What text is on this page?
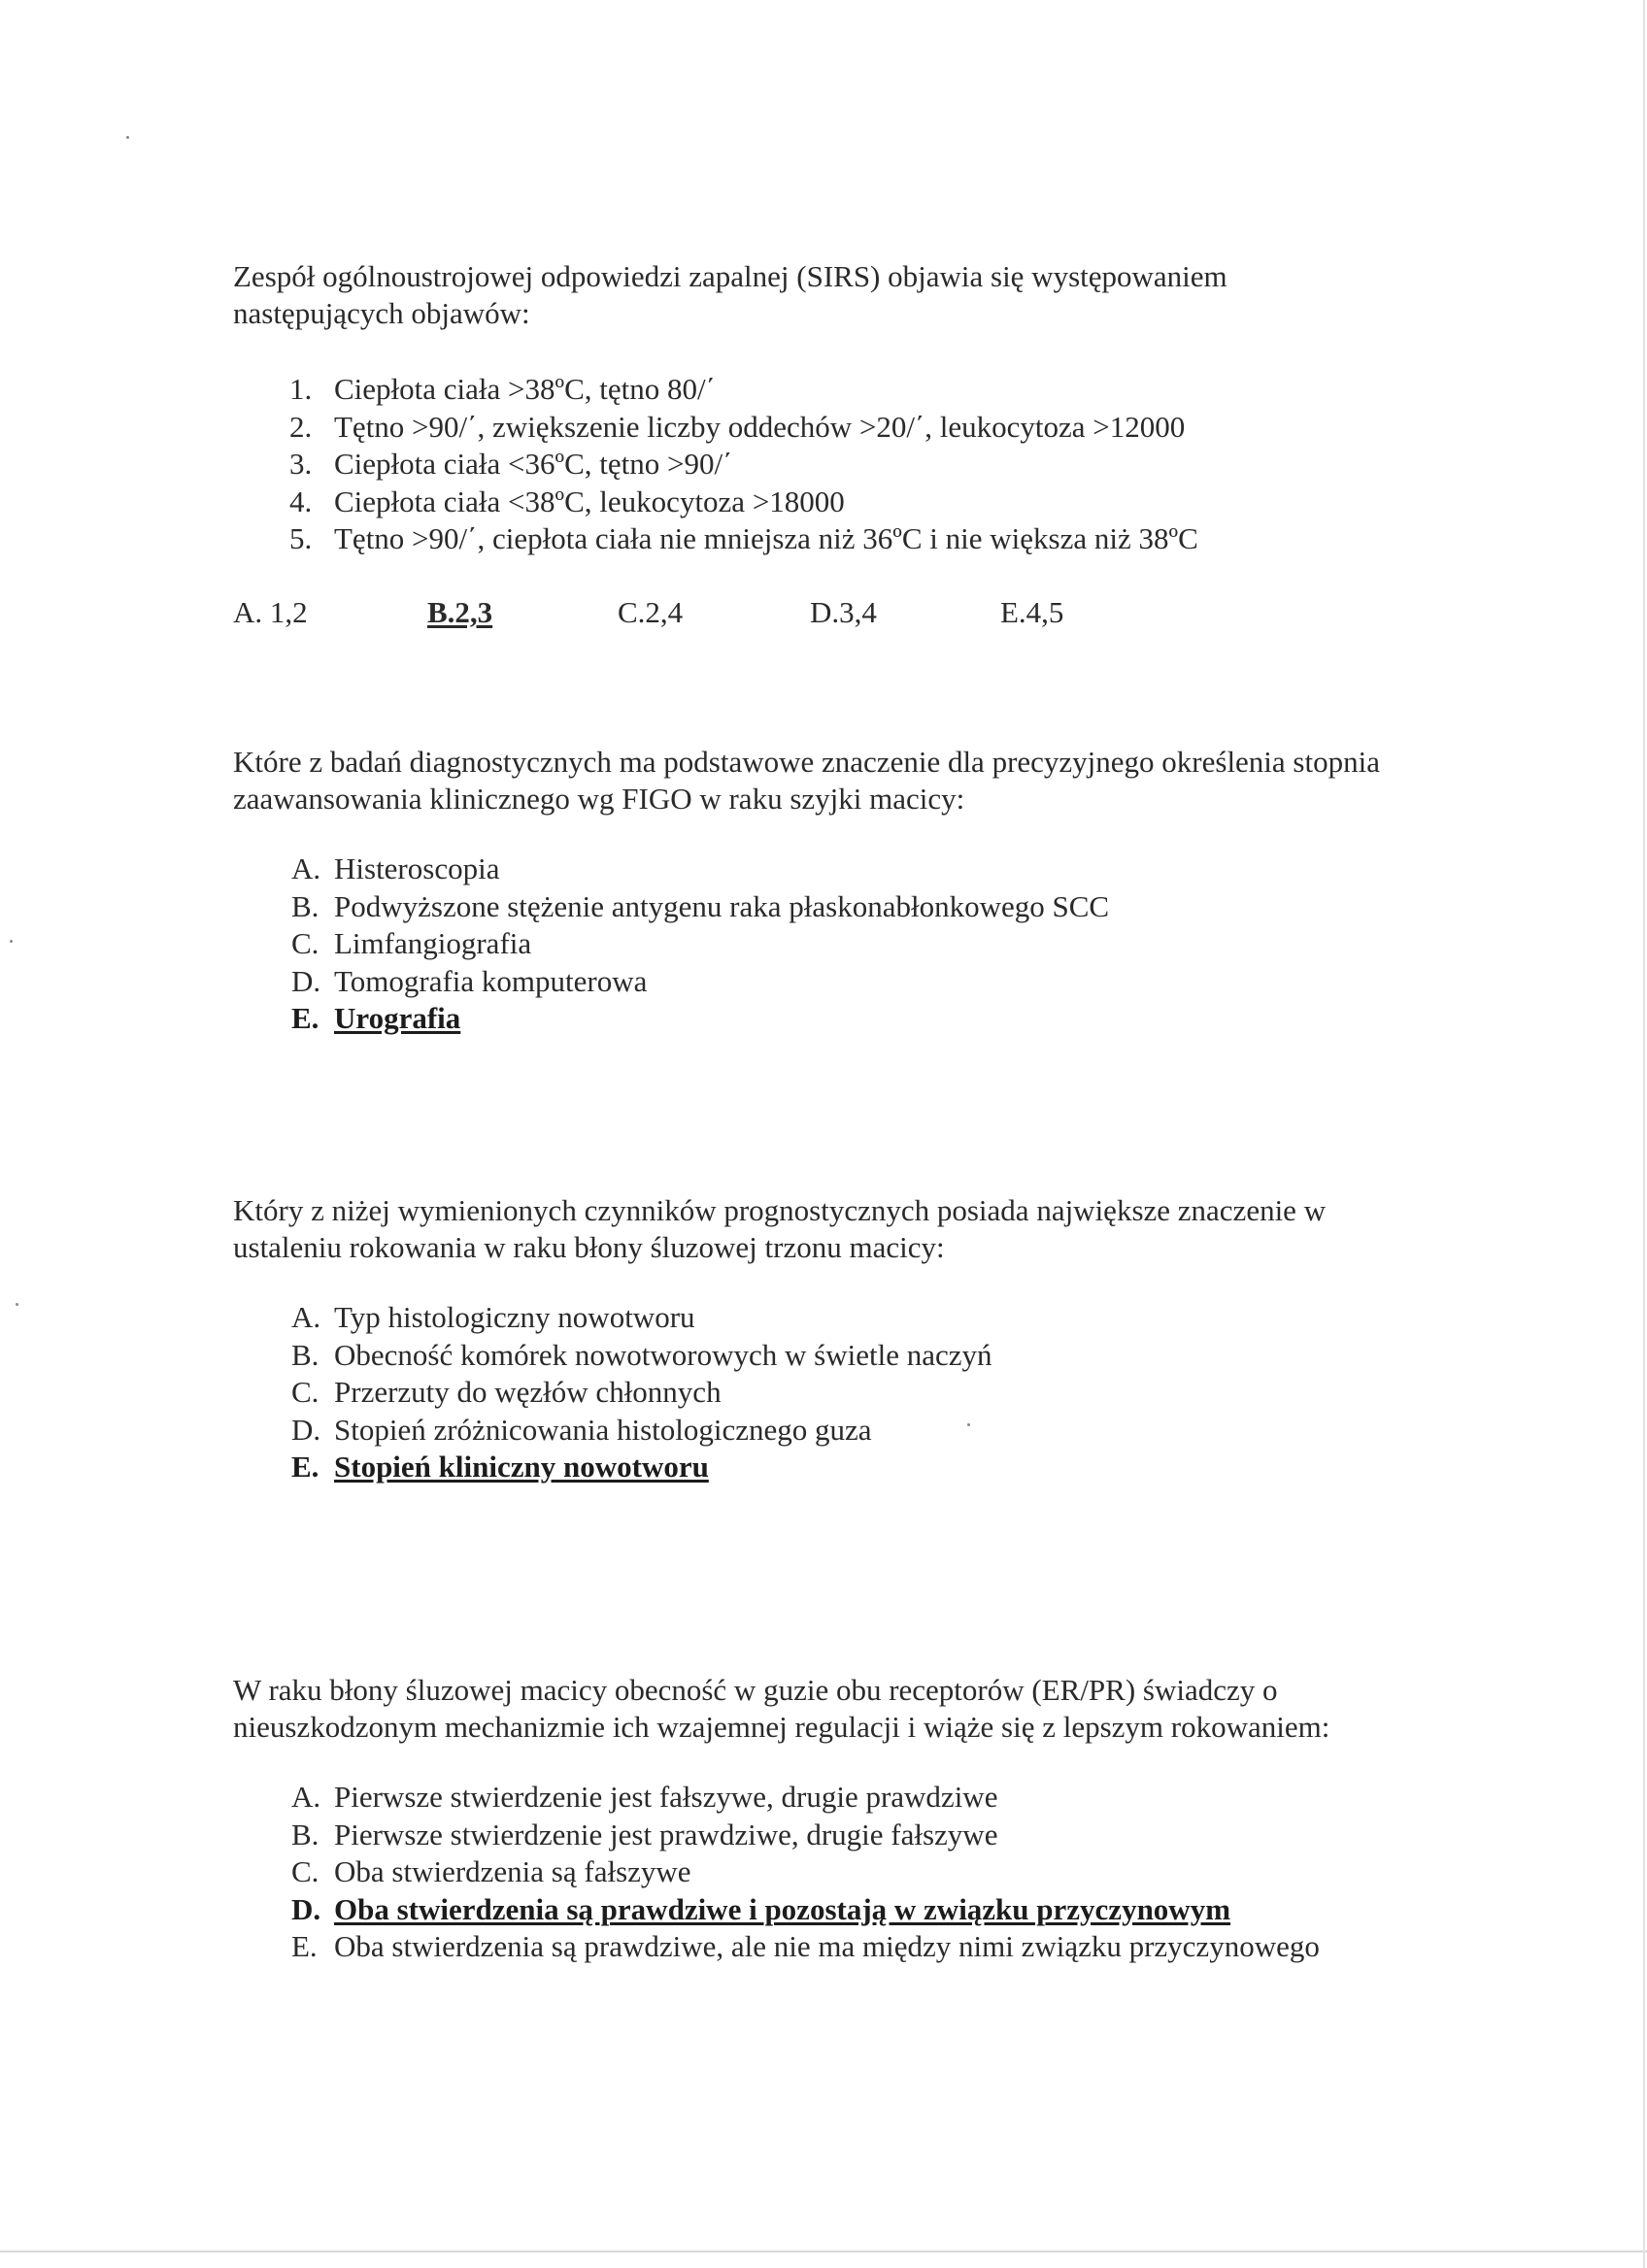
Zespół ogólnoustrojowej odpowiedzi zapalnej (SIRS) objawia się występowaniem następujących objawów:

1. Ciepłota ciała >38ºC, tętno 80/΄
2. Tętno >90/΄, zwiększenie liczby oddechów >20/΄, leukocytoza >12000
3. Ciepłota ciała <36ºC, tętno >90/΄
4. Ciepłota ciała <38ºC, leukocytoza >18000
5. Tętno >90/΄, ciepłota ciała nie mniejsza niż 36ºC i nie większa niż 38ºC
A. 1,2	B.2,3	C.2,4	D.3,4	E.4,5

Które z badań diagnostycznych ma podstawowe znaczenie dla precyzyjnego określenia stopnia zaawansowania klinicznego wg FIGO w raku szyjki macicy:

A. Histeroscopia
B. Podwyższone stężenie antygenu raka płaskonabłonkowego SCC
C. Limfangiografia
D. Tomografia komputerowa
E. Urografia

Który z niżej wymienionych czynników prognostycznych posiada największe znaczenie w ustaleniu rokowania w raku błony śluzowej trzonu macicy:

A. Typ histologiczny nowotworu
B. Obecność komórek nowotworowych w świetle naczyń
C. Przerzuty do węzłów chłonnych
D. Stopień zróżnicowania histologicznego guza
E. Stopień kliniczny nowotworu

W raku błony śluzowej macicy obecność w guzie obu receptorów (ER/PR) świadczy o nieuszkodzonym mechanizmie ich wzajemnej regulacji i wiąże się z lepszym rokowaniem:

A. Pierwsze stwierdzenie jest fałszywe, drugie prawdziwe
B. Pierwsze stwierdzenie jest prawdziwe, drugie fałszywe
C. Oba stwierdzenia są fałszywe
D. Oba stwierdzenia są prawdziwe i pozostają w związku przyczynowym
E. Oba stwierdzenia są prawdziwe, ale nie ma między nimi związku przyczynowego
